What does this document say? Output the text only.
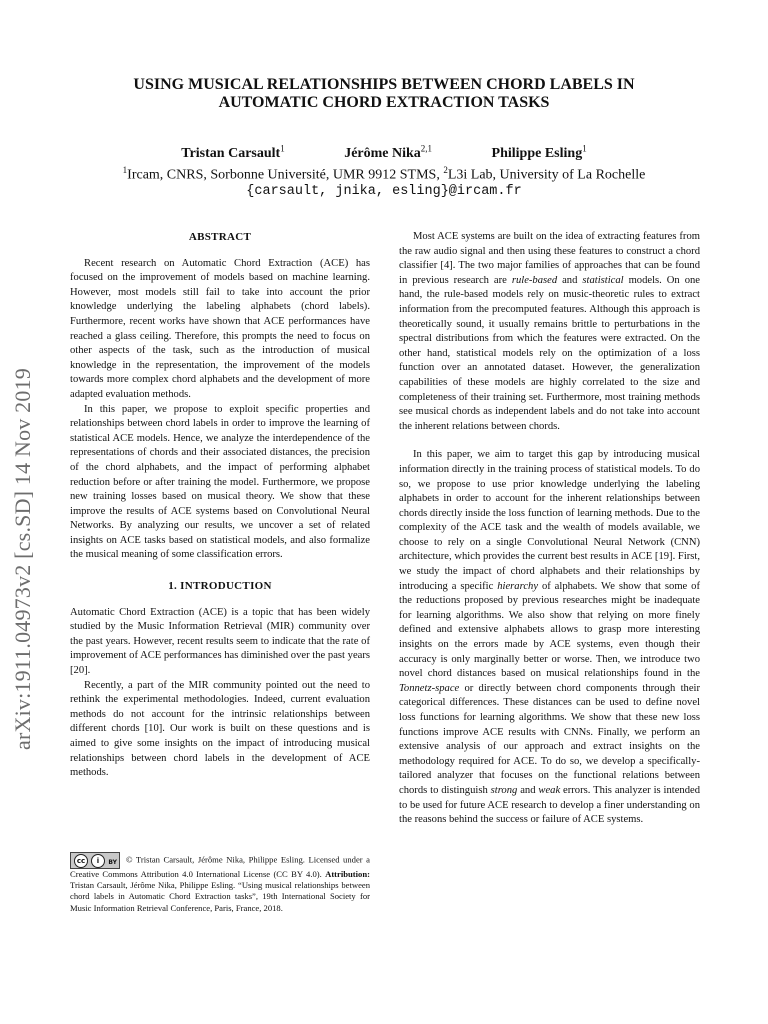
arXiv:1911.04973v2 [cs.SD] 14 Nov 2019
USING MUSICAL RELATIONSHIPS BETWEEN CHORD LABELS IN
AUTOMATIC CHORD EXTRACTION TASKS
Tristan Carsault$^1$	Jérôme Nika$^{2,1}$	Philippe Esling$^1$
$^1$Ircam, CNRS, Sorbonne Université, UMR 9912 STMS, $^2$L3i Lab, University of La Rochelle
{carsault, jnika, esling}@ircam.fr
ABSTRACT

Recent research on Automatic Chord Extraction (ACE) has focused on the improvement of models based on machine learning. However, most models still fail to take into account the prior knowledge underlying the labeling alphabets (chord labels). Furthermore, recent works have shown that ACE performances have reached a glass ceiling. Therefore, this prompts the need to focus on other aspects of the task, such as the introduction of musical knowledge in the representation, the improvement of the models towards more complex chord alphabets and the development of more adapted evaluation methods.

In this paper, we propose to exploit specific properties and relationships between chord labels in order to improve the learning of statistical ACE models. Hence, we analyze the interdependence of the representations of chords and their associated distances, the precision of the chord alphabets, and the impact of performing alphabet reduction before or after training the model. Furthermore, we propose new training losses based on musical theory. We show that these improve the results of ACE systems based on Convolutional Neural Networks. By analyzing our results, we uncover a set of related insights on ACE tasks based on statistical models, and also formalize the musical meaning of some classification errors.

1. INTRODUCTION

Automatic Chord Extraction (ACE) is a topic that has been widely studied by the Music Information Retrieval (MIR) community over the past years. However, recent results seem to indicate that the rate of improvement of ACE performances has diminished over the past years [20].

Recently, a part of the MIR community pointed out the need to rethink the experimental methodologies. Indeed, current evaluation methods do not account for the intrinsic relationships between different chords [10]. Our work is built on these questions and is aimed to give some insights on the impact of introducing musical relationships between chord labels in the development of ACE methods.

cc	i	BY © Tristan Carsault, Jérôme Nika, Philippe Esling. Licensed under a Creative Commons Attribution 4.0 International License (CC BY 4.0). Attribution: Tristan Carsault, Jérôme Nika, Philippe Esling. “Using musical relationships between chord labels in Automatic Chord Extraction tasks”, 19th International Society for Music Information Retrieval Conference, Paris, France, 2018.

Most ACE systems are built on the idea of extracting features from the raw audio signal and then using these features to construct a chord classifier [4]. The two major families of approaches that can be found in previous research are rule-based and statistical models. On one hand, the rule-based models rely on music-theoretic rules to extract information from the precomputed features. Although this approach is theoretically sound, it usually remains brittle to perturbations in the spectral distributions from which the features were extracted. On the other hand, statistical models rely on the optimization of a loss function over an annotated dataset. However, the generalization capabilities of these models are highly correlated to the size and completeness of their training set. Furthermore, most training methods see musical chords as independent labels and do not take into account the inherent relations between chords.

In this paper, we aim to target this gap by introducing musical information directly in the training process of statistical models. To do so, we propose to use prior knowledge underlying the labeling alphabets in order to account for the inherent relationships between chords directly inside the loss function of learning methods. Due to the complexity of the ACE task and the wealth of models available, we choose to rely on a single Convolutional Neural Network (CNN) architecture, which provides the current best results in ACE [19]. First, we study the impact of chord alphabets and their relationships by introducing a specific hierarchy of alphabets. We show that some of the reductions proposed by previous researches might be inadequate for learning algorithms. We also show that relying on more finely defined and extensive alphabets allows to grasp more interesting insights on the errors made by ACE systems, even though their accuracy is only marginally better or worse. Then, we introduce two novel chord distances based on musical relationships found in the Tonnetz-space or directly between chord components through their categorical differences. These distances can be used to define novel loss functions for learning algorithms. We show that these new loss functions improve ACE results with CNNs. Finally, we perform an extensive analysis of our approach and extract insights on the methodology required for ACE. To do so, we develop a specifically-tailored analyzer that focuses on the functional relations between chords to distinguish strong and weak errors. This analyzer is intended to be used for future ACE research to develop a finer understanding on the reasons behind the success or failure of ACE systems.
